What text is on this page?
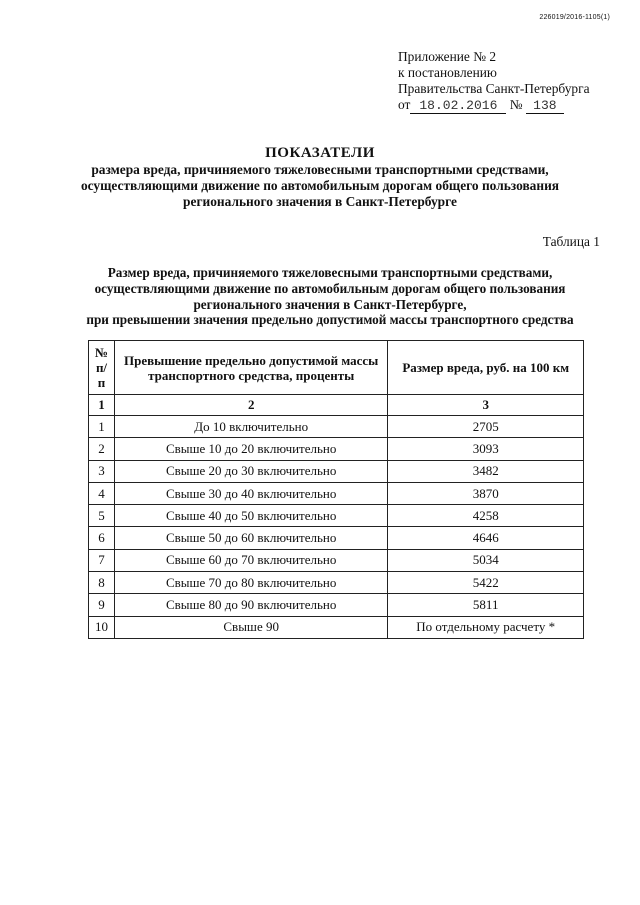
226019/2016-1105(1)
Приложение № 2
к постановлению
Правительства Санкт-Петербурга
от 18.02.2016 № 138
ПОКАЗАТЕЛИ
размера вреда, причиняемого тяжеловесными транспортными средствами,
осуществляющими движение по автомобильным дорогам общего пользования
регионального значения в Санкт-Петербурге
Таблица 1
Размер вреда, причиняемого тяжеловесными транспортными средствами,
осуществляющими движение по автомобильным дорогам общего пользования
регионального значения в Санкт-Петербурге,
при превышении значения предельно допустимой массы транспортного средства
№ п/п	Превышение предельно допустимой массы транспортного средства, проценты	Размер вреда, руб. на 100 км
1	2	3
1	До 10 включительно	2705
2	Свыше 10 до 20 включительно	3093
3	Свыше 20 до 30 включительно	3482
4	Свыше 30 до 40 включительно	3870
5	Свыше 40 до 50 включительно	4258
6	Свыше 50 до 60 включительно	4646
7	Свыше 60 до 70 включительно	5034
8	Свыше 70 до 80 включительно	5422
9	Свыше 80 до 90 включительно	5811
10	Свыше 90	По отдельному расчету *
